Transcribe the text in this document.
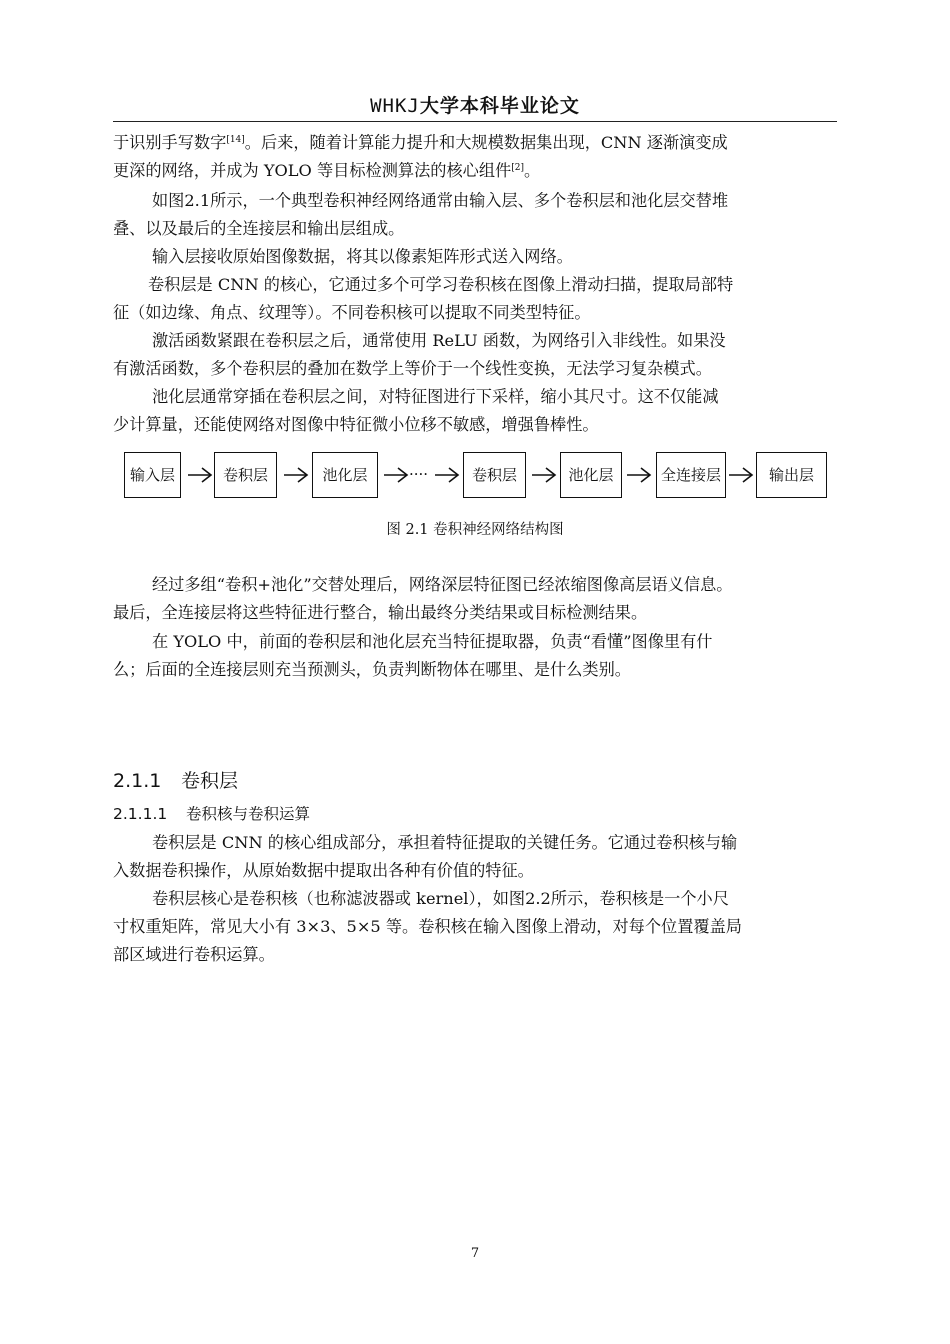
WHKJ大学本科毕业论文
于识别手写数字[14]。后来，随着计算能力提升和大规模数据集出现，CNN 逐渐演变成
更深的网络，并成为 YOLO 等目标检测算法的核心组件[2]。
如图2.1所示，一个典型卷积神经网络通常由输入层、多个卷积层和池化层交替堆
叠、以及最后的全连接层和输出层组成。
输入层接收原始图像数据，将其以像素矩阵形式送入网络。
卷积层是 CNN 的核心，它通过多个可学习卷积核在图像上滑动扫描，提取局部特
征（如边缘、角点、纹理等）。不同卷积核可以提取不同类型特征。
激活函数紧跟在卷积层之后，通常使用 ReLU 函数，为网络引入非线性。如果没
有激活函数，多个卷积层的叠加在数学上等价于一个线性变换，无法学习复杂模式。
池化层通常穿插在卷积层之间，对特征图进行下采样，缩小其尺寸。这不仅能减
少计算量，还能使网络对图像中特征微小位移不敏感，增强鲁棒性。
输入层	卷积层	池化层	····	卷积层	池化层	全连接层	输出层
图 2.1 卷积神经网络结构图
经过多组“卷积+池化”交替处理后，网络深层特征图已经浓缩图像高层语义信息。
最后，全连接层将这些特征进行整合，输出最终分类结果或目标检测结果。
在 YOLO 中，前面的卷积层和池化层充当特征提取器，负责“看懂”图像里有什
么；后面的全连接层则充当预测头，负责判断物体在哪里、是什么类别。
2.1.1 卷积层
2.1.1.1 卷积核与卷积运算
卷积层是 CNN 的核心组成部分，承担着特征提取的关键任务。它通过卷积核与输
入数据卷积操作，从原始数据中提取出各种有价值的特征。
卷积层核心是卷积核（也称滤波器或 kernel），如图2.2所示，卷积核是一个小尺
寸权重矩阵，常见大小有 3×3、5×5 等。卷积核在输入图像上滑动，对每个位置覆盖局
部区域进行卷积运算。
7
